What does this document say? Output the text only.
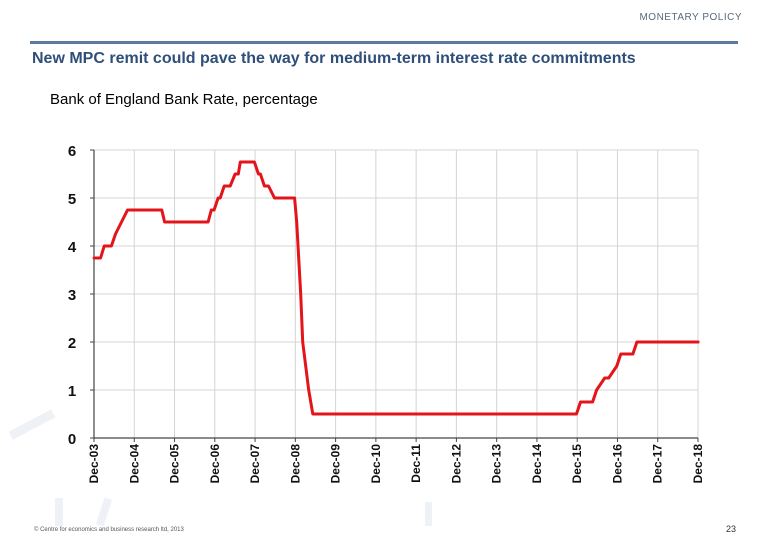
MONETARY POLICY
New MPC remit could pave the way for medium-term interest rate commitments
Bank of England Bank Rate, percentage
0
1
2
3
4
5
6
Dec-03 Dec-04 Dec-05 Dec-06 Dec-07 Dec-08 Dec-09 Dec-10 Dec-11 Dec-12 Dec-13 Dec-14 Dec-15 Dec-16 Dec-17 Dec-18
© Centre for economics and business research ltd, 2013	23
